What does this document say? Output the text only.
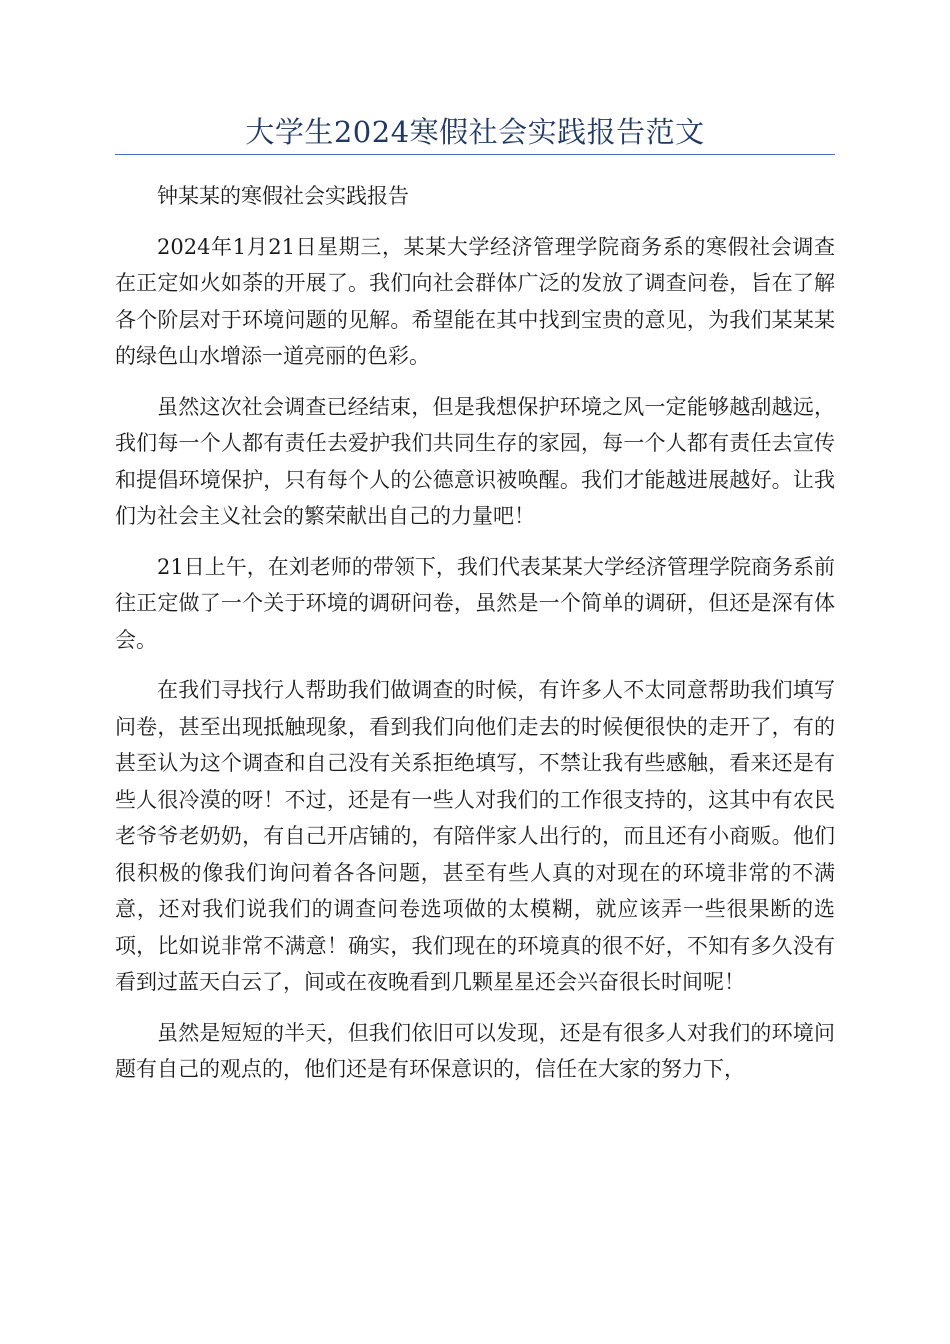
大学生2024寒假社会实践报告范文

钟某某的寒假社会实践报告

2024年1月21日星期三，某某大学经济管理学院商务系的寒假社会调查在正定如火如荼的开展了。我们向社会群体广泛的发放了调查问卷，旨在了解各个阶层对于环境问题的见解。希望能在其中找到宝贵的意见，为我们某某某的绿色山水增添一道亮丽的色彩。

虽然这次社会调查已经结束，但是我想保护环境之风一定能够越刮越远，我们每一个人都有责任去爱护我们共同生存的家园，每一个人都有责任去宣传和提倡环境保护，只有每个人的公德意识被唤醒。我们才能越进展越好。让我们为社会主义社会的繁荣献出自己的力量吧！

21日上午，在刘老师的带领下，我们代表某某大学经济管理学院商务系前往正定做了一个关于环境的调研问卷，虽然是一个简单的调研，但还是深有体会。

在我们寻找行人帮助我们做调查的时候，有许多人不太同意帮助我们填写问卷，甚至出现抵触现象，看到我们向他们走去的时候便很快的走开了，有的甚至认为这个调查和自己没有关系拒绝填写，不禁让我有些感触，看来还是有些人很冷漠的呀！不过，还是有一些人对我们的工作很支持的，这其中有农民老爷爷老奶奶，有自己开店铺的，有陪伴家人出行的，而且还有小商贩。他们很积极的像我们询问着各各问题，甚至有些人真的对现在的环境非常的不满意，还对我们说我们的调查问卷选项做的太模糊，就应该弄一些很果断的选项，比如说非常不满意！确实，我们现在的环境真的很不好，不知有多久没有看到过蓝天白云了，间或在夜晚看到几颗星星还会兴奋很长时间呢！

虽然是短短的半天，但我们依旧可以发现，还是有很多人对我们的环境问题有自己的观点的，他们还是有环保意识的，信任在大家的努力下，
